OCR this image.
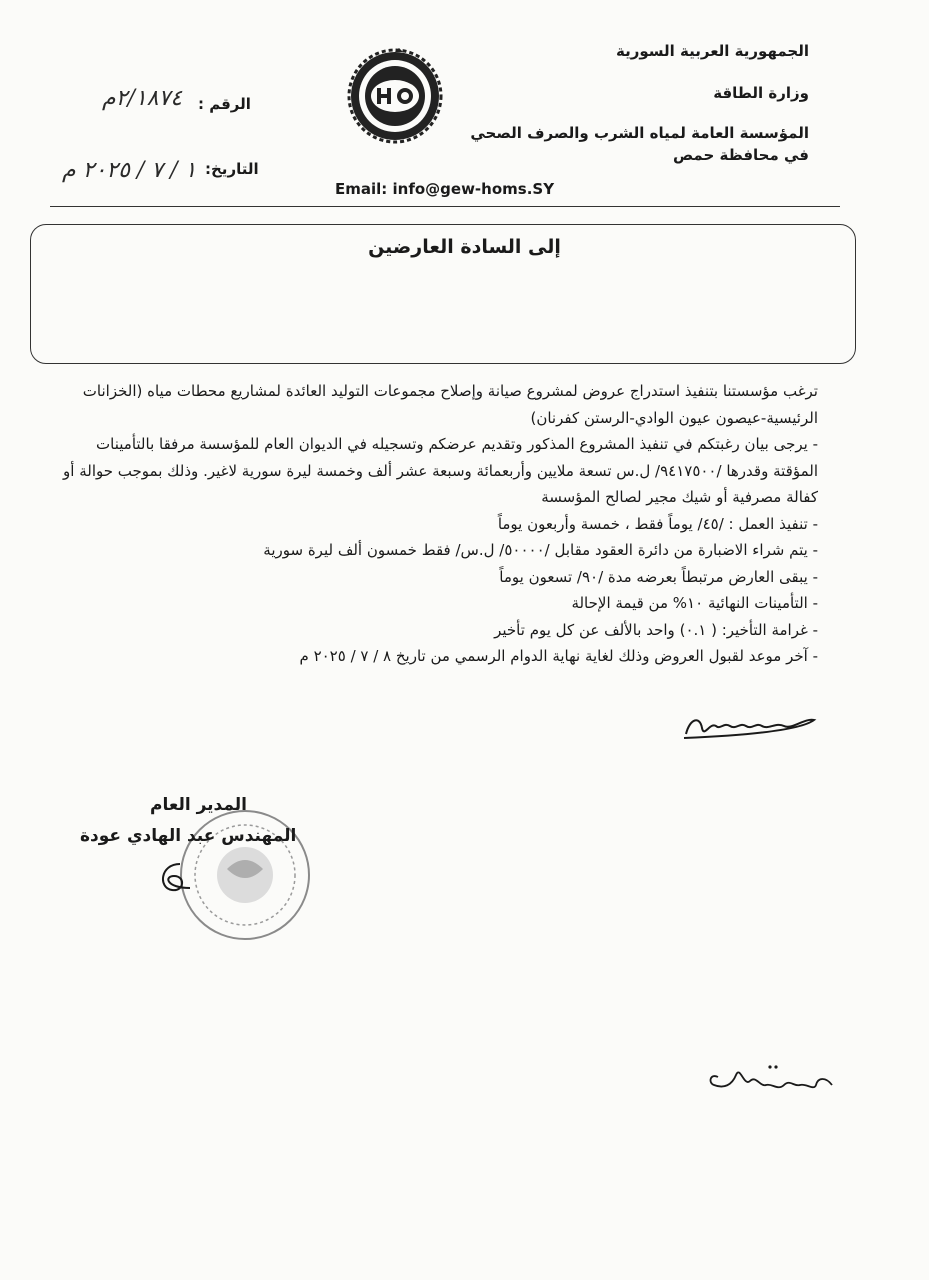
الجمهورية العربية السورية
وزارة الطاقة
المؤسسة العامة لمياه الشرب والصرف الصحي
في محافظة حمص
الرقم :
٢/١٨٧٤م
التاريخ:
١ / ٧ / ٢٠٢٥ م
Email: info@gew-homs.SY
إلى السادة العارضين

ترغب مؤسستنا بتنفيذ استدراج عروض لمشروع صيانة وإصلاح مجموعات التوليد العائدة لمشاريع محطات مياه (الخزانات الرئيسية-عيصون عيون الوادي-الرستن كفرنان)

- يرجى بيان رغبتكم في تنفيذ المشروع المذكور وتقديم عرضكم وتسجيله في الديوان العام للمؤسسة مرفقا بالتأمينات المؤقتة وقدرها /٩٤١٧٥٠٠/ ل.س تسعة ملايين وأربعمائة وسبعة عشر ألف وخمسة ليرة سورية لاغير. وذلك بموجب حوالة أو كفالة مصرفية أو شيك مجير لصالح المؤسسة

- تنفيذ العمل : /٤٥/ يوماً فقط ، خمسة وأربعون يوماً

- يتم شراء الاضبارة من دائرة العقود مقابل /٥٠٠٠٠/ ل.س/ فقط خمسون ألف ليرة سورية

- يبقى العارض مرتبطاً بعرضه مدة /٩٠/ تسعون يوماً

- التأمينات النهائية ١٠% من قيمة الإحالة

- غرامة التأخير: ( ٠.١) واحد بالألف عن كل يوم تأخير

- آخر موعد لقبول العروض وذلك لغاية نهاية الدوام الرسمي من تاريخ ٨ / ٧ / ٢٠٢٥ م

المدير العام
المهندس عبد الهادي عودة
